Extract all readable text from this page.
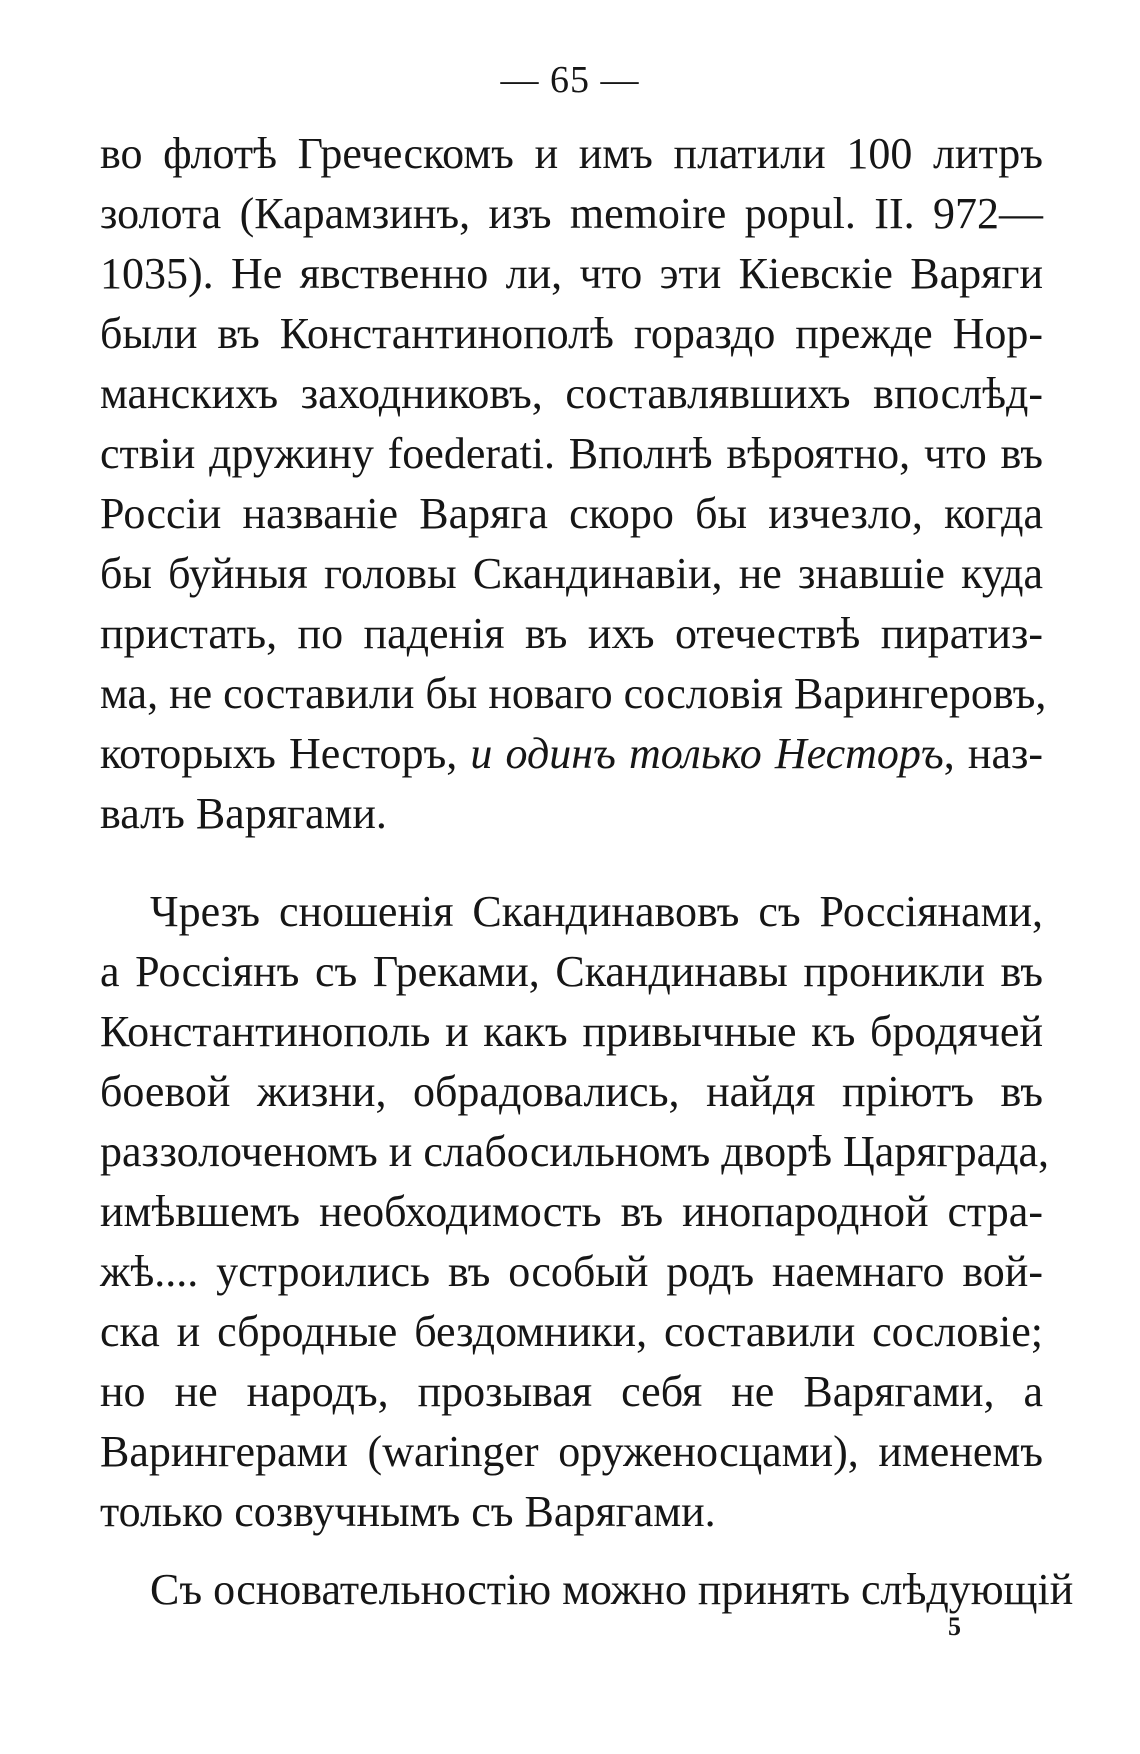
— 65 —
во флотѣ Греческомъ и имъ платили 100 литръ
золота (Карамзинъ, изъ memoire popul. II. 972—
1035). Не явственно ли, что эти Кіевскіе Варяги
были въ Константинополѣ гораздо прежде Нор-
манскихъ заходниковъ, составлявшихъ впослѣд-
ствіи дружину foederati. Вполнѣ вѣроятно, что въ
Россіи названіе Варяга скоро бы изчезло, когда
бы буйныя головы Скандинавіи, не знавшіе куда
пристать, по паденія въ ихъ отечествѣ пиратиз-
ма, не составили бы новаго сословія Варингеровъ,
которыхъ Несторъ, и одинъ только Несторъ, наз-
валъ Варягами.
Чрезъ сношенія Скандинавовъ съ Россіянами,
а Россіянъ съ Греками, Скандинавы проникли въ
Константинополь и какъ привычные къ бродячей
боевой жизни, обрадовались, найдя пріютъ въ
раззолоченомъ и слабосильномъ дворѣ Царяграда,
имѣвшемъ необходимость въ инопародной стра-
жѣ.... устроились въ особый родъ наемнаго вой-
ска и сбродные бездомники, составили сословіе;
но не народъ, прозывая себя не Варягами, а
Варингерами (waringer оруженосцами), именемъ
только созвучнымъ съ Варягами.
Съ основательностію можно принять слѣдующій
5
